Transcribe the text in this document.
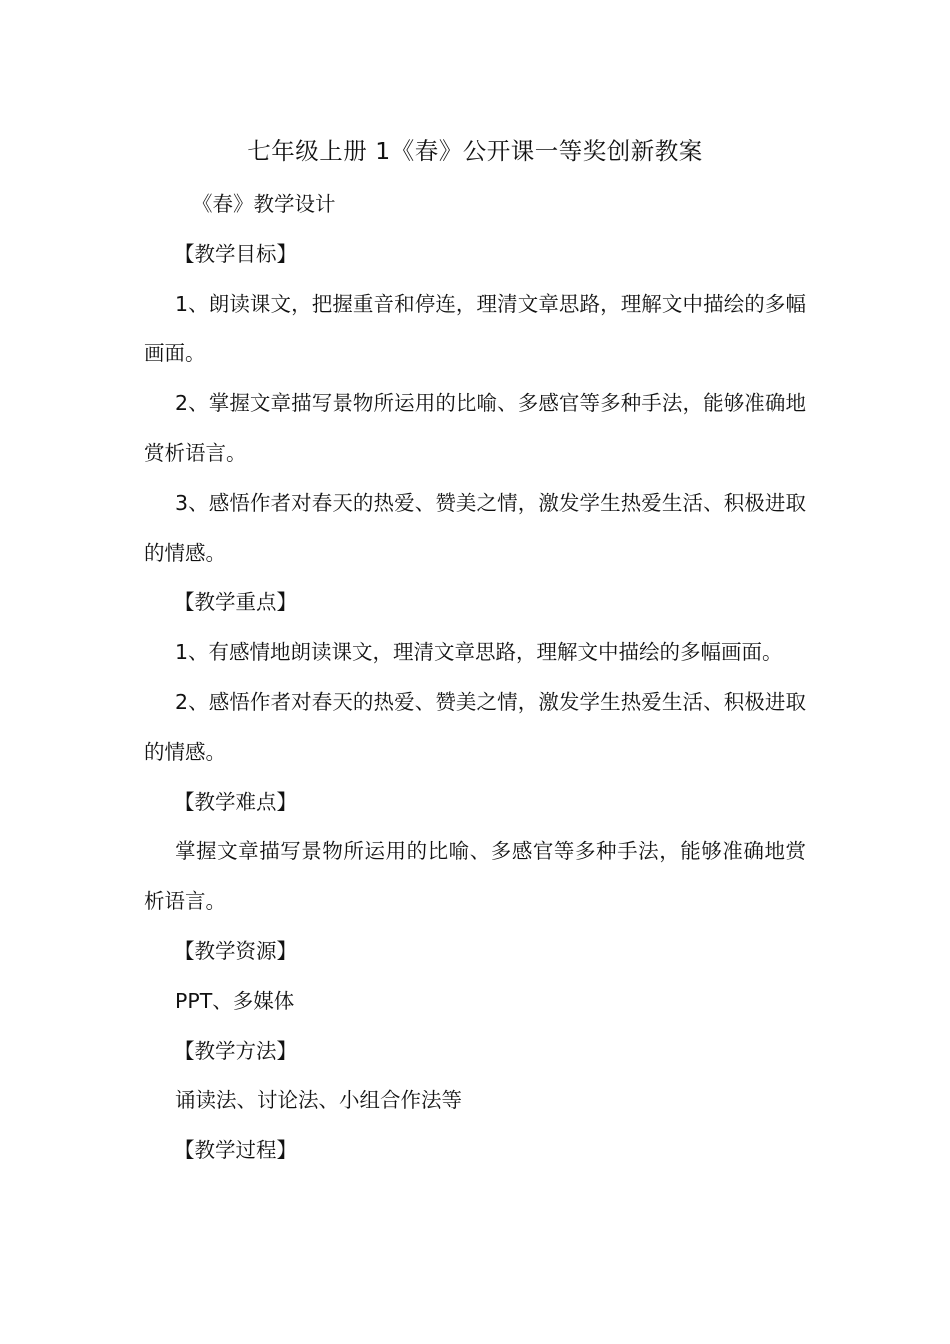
七年级上册 1《春》公开课一等奖创新教案

《春》教学设计

【教学目标】

1、朗读课文，把握重音和停连，理清文章思路，理解文中描绘的多幅画面。

2、掌握文章描写景物所运用的比喻、多感官等多种手法，能够准确地赏析语言。

3、感悟作者对春天的热爱、赞美之情，激发学生热爱生活、积极进取的情感。

【教学重点】

1、有感情地朗读课文，理清文章思路，理解文中描绘的多幅画面。

2、感悟作者对春天的热爱、赞美之情，激发学生热爱生活、积极进取的情感。

【教学难点】

掌握文章描写景物所运用的比喻、多感官等多种手法，能够准确地赏析语言。

【教学资源】

PPT、多媒体

【教学方法】

诵读法、讨论法、小组合作法等

【教学过程】
